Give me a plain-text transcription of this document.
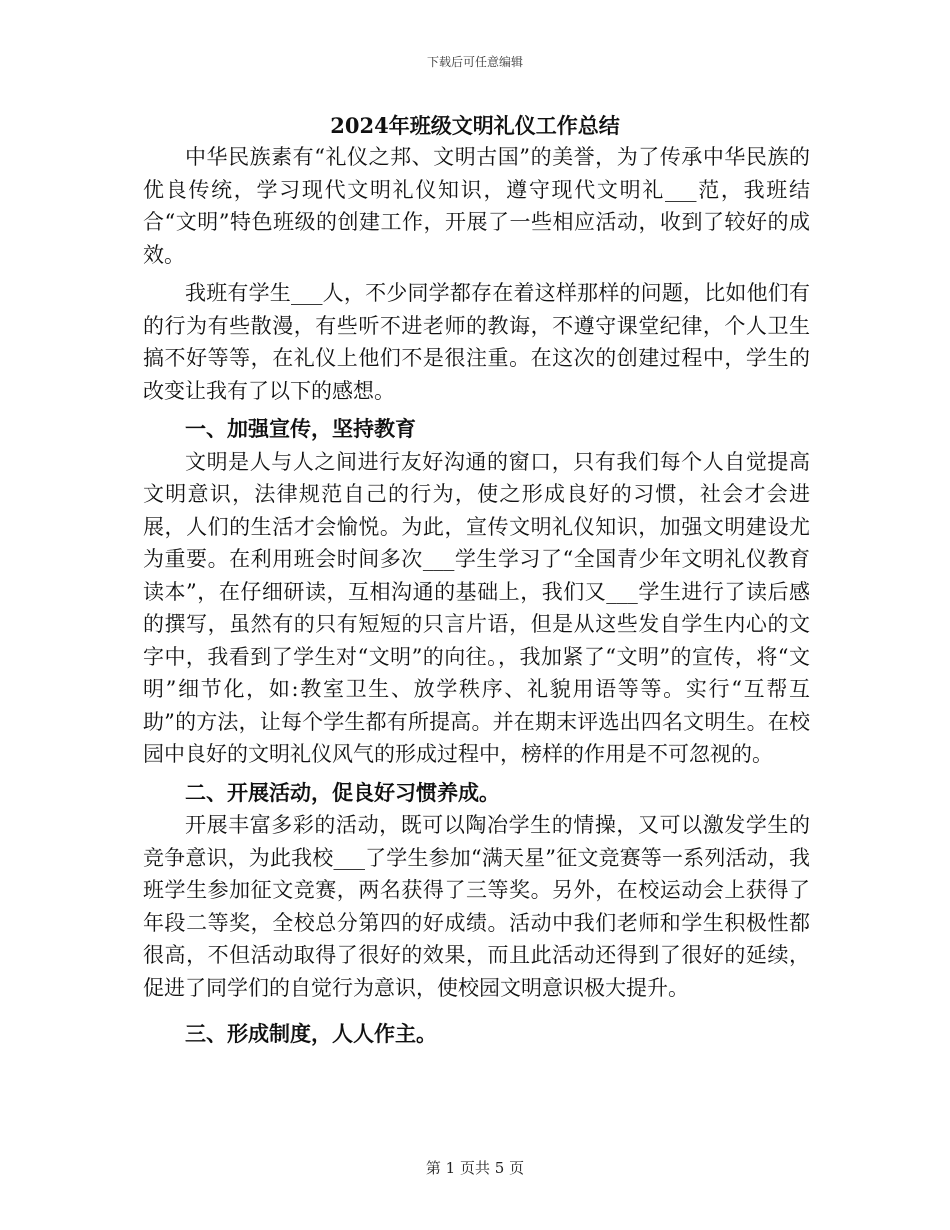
下载后可任意编辑
2024年班级文明礼仪工作总结

中华民族素有“礼仪之邦、文明古国”的美誉，为了传承中华民族的优良传统，学习现代文明礼仪知识，遵守现代文明礼___范，我班结合“文明”特色班级的创建工作，开展了一些相应活动，收到了较好的成效。

我班有学生___人，不少同学都存在着这样那样的问题，比如他们有的行为有些散漫，有些听不进老师的教诲，不遵守课堂纪律，个人卫生搞不好等等，在礼仪上他们不是很注重。在这次的创建过程中，学生的改变让我有了以下的感想。

一、加强宣传，坚持教育

文明是人与人之间进行友好沟通的窗口，只有我们每个人自觉提高文明意识，法律规范自己的行为，使之形成良好的习惯，社会才会进展，人们的生活才会愉悦。为此，宣传文明礼仪知识，加强文明建设尤为重要。在利用班会时间多次___学生学习了“全国青少年文明礼仪教育读本”，在仔细研读，互相沟通的基础上，我们又___学生进行了读后感的撰写，虽然有的只有短短的只言片语，但是从这些发自学生内心的文字中，我看到了学生对“文明”的向往。，我加紧了“文明”的宣传，将“文明”细节化，如:教室卫生、放学秩序、礼貌用语等等。实行“互帮互助”的方法，让每个学生都有所提高。并在期末评选出四名文明生。在校园中良好的文明礼仪风气的形成过程中，榜样的作用是不可忽视的。

二、开展活动，促良好习惯养成。

开展丰富多彩的活动，既可以陶冶学生的情操，又可以激发学生的竞争意识，为此我校___了学生参加“满天星”征文竞赛等一系列活动，我班学生参加征文竞赛，两名获得了三等奖。另外，在校运动会上获得了年段二等奖，全校总分第四的好成绩。活动中我们老师和学生积极性都很高，不但活动取得了很好的效果，而且此活动还得到了很好的延续，促进了同学们的自觉行为意识，使校园文明意识极大提升。

三、形成制度，人人作主。

第 1 页共 5 页
